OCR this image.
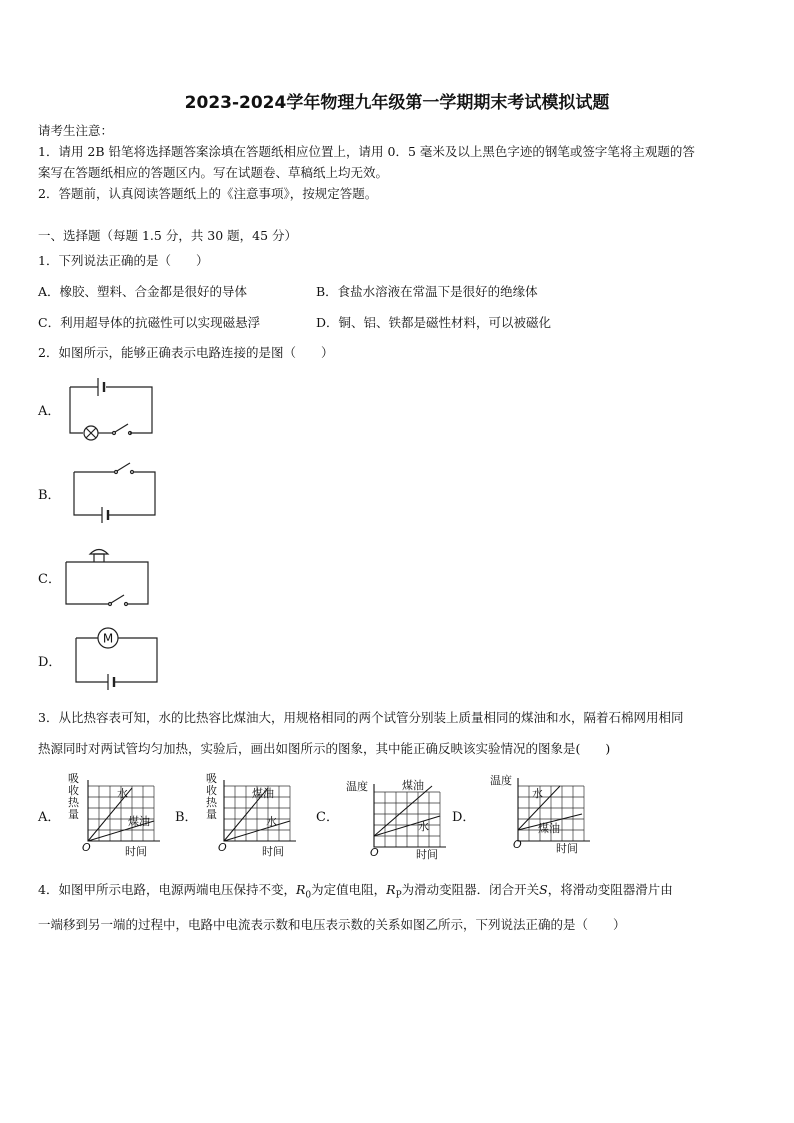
2023-2024学年物理九年级第一学期期末考试模拟试题
请考生注意：
1．请用 2B 铅笔将选择题答案涂填在答题纸相应位置上，请用 0．5 毫米及以上黑色字迹的钢笔或签字笔将主观题的答
案写在答题纸相应的答题区内。写在试题卷、草稿纸上均无效。
2．答题前，认真阅读答题纸上的《注意事项》，按规定答题。
一、选择题（每题 1.5 分，共 30 题，45 分）
1．下列说法正确的是（　　）
A．橡胶、塑料、合金都是很好的导体	B．食盐水溶液在常温下是很好的绝缘体
C．利用超导体的抗磁性可以实现磁悬浮	D．铜、铝、铁都是磁性材料，可以被磁化
2．如图所示，能够正确表示电路连接的是图（　　）
A．
B．
C．
D．
M
3．从比热容表可知，水的比热容比煤油大，用规格相同的两个试管分别装上质量相同的煤油和水，隔着石棉网用相同
热源同时对两试管均匀加热，实验后，画出如图所示的图象，其中能正确反映该实验情况的图象是(　　)
A．	B．	C．	D．
吸
收
热
量
水
煤油
O	时间
吸
收
热
量
煤油
水
O	时间
温度	煤油
水
O	时间
温度
水
煤油
O	时间
4．如图甲所示电路，电源两端电压保持不变，$R_0$为定值电阻，$R_P$为滑动变阻器．闭合开关S，将滑动变阻器滑片由
一端移到另一端的过程中，电路中电流表示数和电压表示数的关系如图乙所示，下列说法正确的是（　　）
